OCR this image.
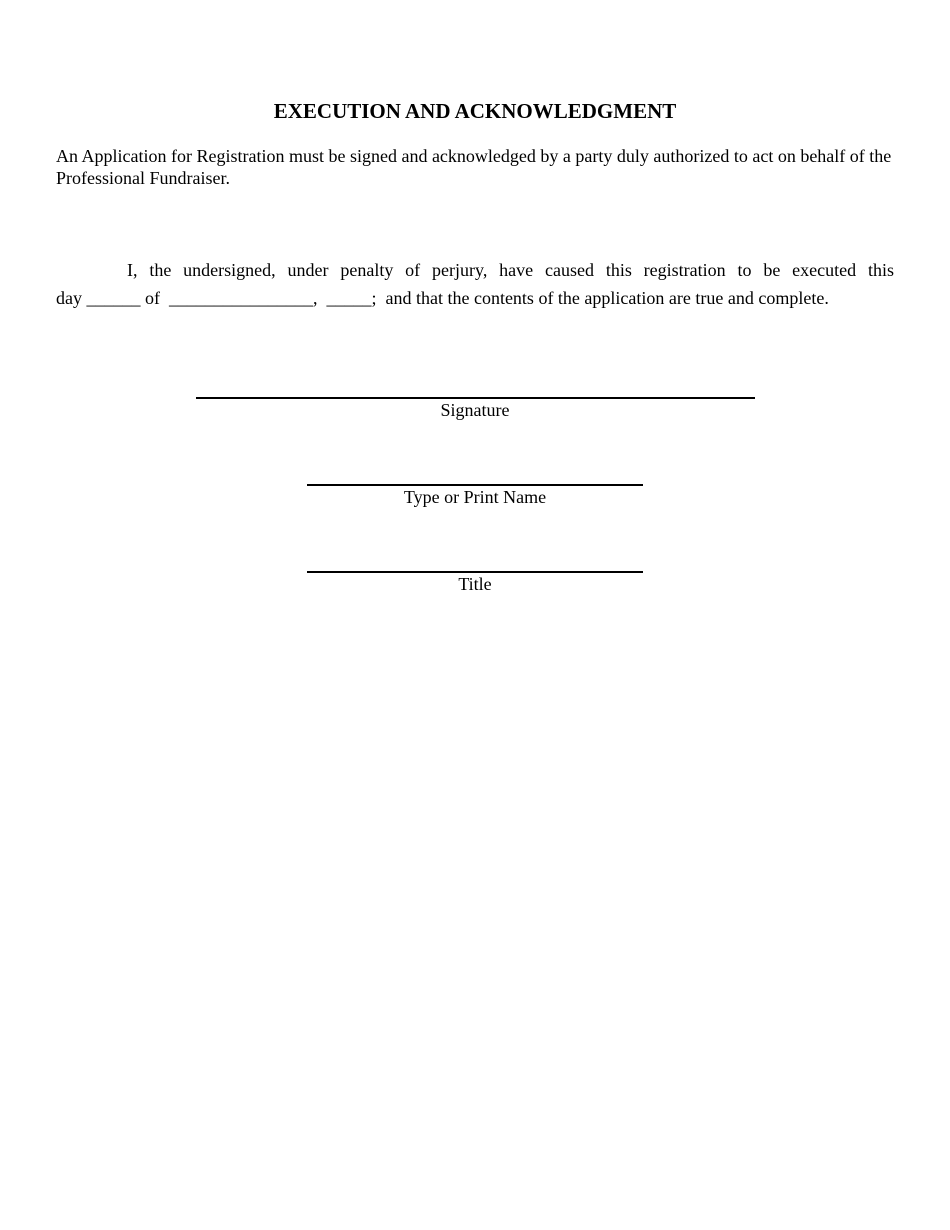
EXECUTION AND ACKNOWLEDGMENT

An Application for Registration must be signed and acknowledged by a party duly authorized to act on behalf of the Professional Fundraiser.

I, the undersigned, under penalty of perjury, have caused this registration to be executed this
day ______ of  ________________,  _____;  and that the contents of the application are true and complete.

Signature

Type or Print Name

Title
